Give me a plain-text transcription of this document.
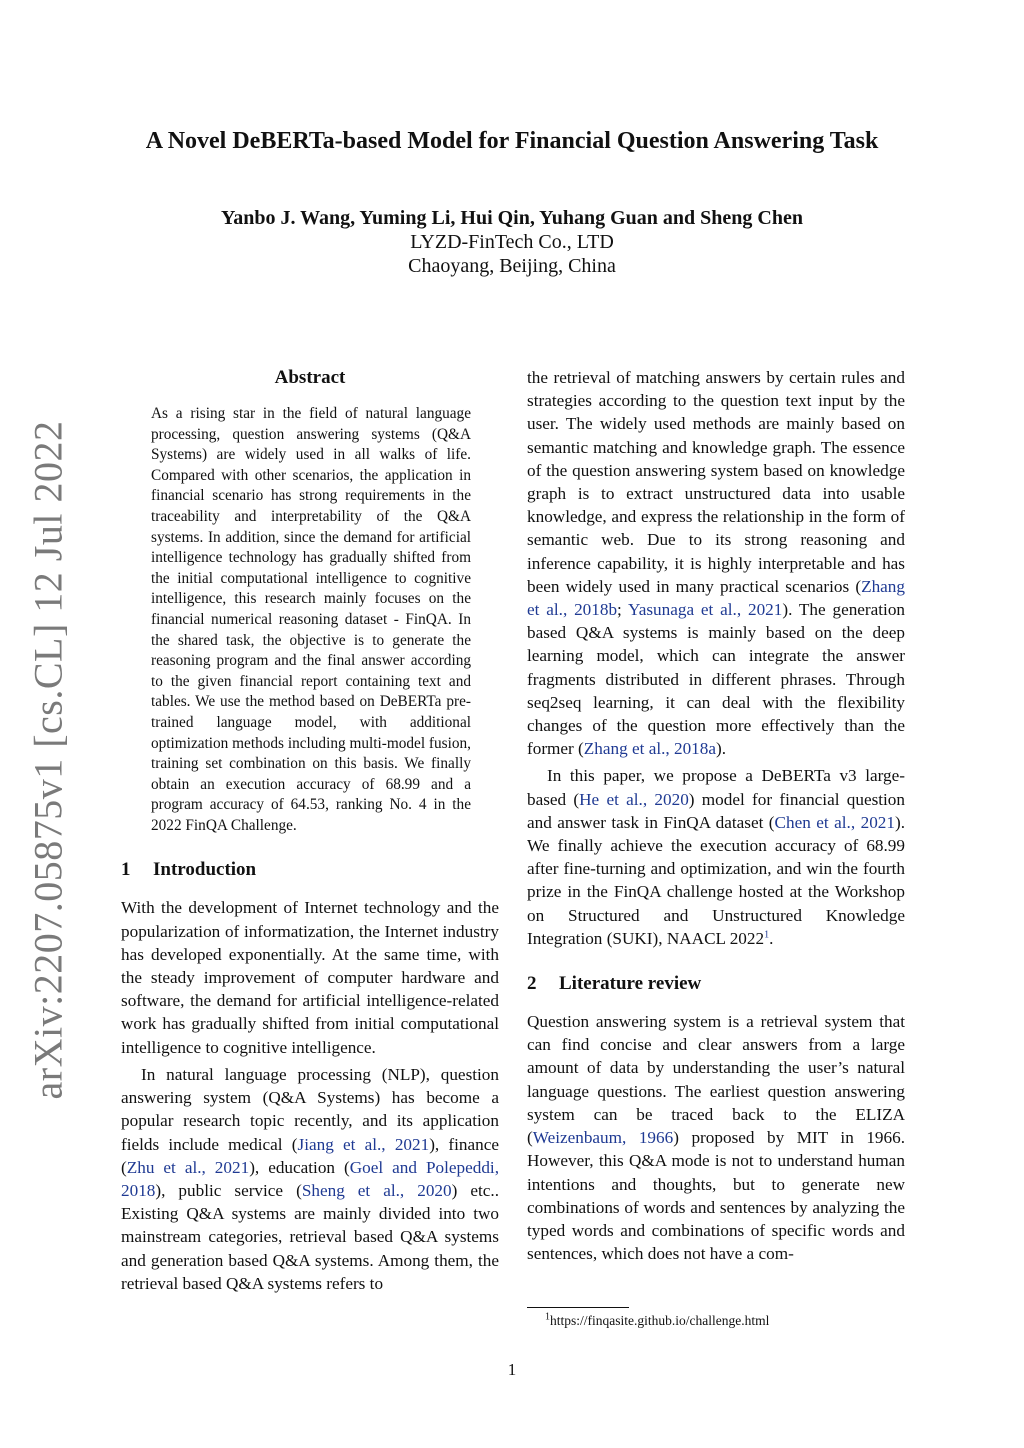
arXiv:2207.05875v1 [cs.CL] 12 Jul 2022
A Novel DeBERTa-based Model for Financial Question Answering Task
Yanbo J. Wang, Yuming Li, Hui Qin, Yuhang Guan and Sheng Chen
LYZD-FinTech Co., LTD
Chaoyang, Beijing, China
Abstract
As a rising star in the field of natural language processing, question answering systems (Q&A Systems) are widely used in all walks of life. Compared with other scenarios, the application in financial scenario has strong requirements in the traceability and interpretability of the Q&A systems. In addition, since the demand for artificial intelligence technology has gradually shifted from the initial computational intelligence to cognitive intelligence, this research mainly focuses on the financial numerical reasoning dataset - FinQA. In the shared task, the objective is to generate the reasoning program and the final answer according to the given financial report containing text and tables. We use the method based on DeBERTa pre-trained language model, with additional optimization methods including multi-model fusion, training set combination on this basis. We finally obtain an execution accuracy of 68.99 and a program accuracy of 64.53, ranking No. 4 in the 2022 FinQA Challenge.
1 Introduction

With the development of Internet technology and the popularization of informatization, the Internet industry has developed exponentially. At the same time, with the steady improvement of computer hardware and software, the demand for artificial intelligence-related work has gradually shifted from initial computational intelligence to cognitive intelligence.

In natural language processing (NLP), question answering system (Q&A Systems) has become a popular research topic recently, and its application fields include medical (Jiang et al., 2021), finance (Zhu et al., 2021), education (Goel and Polepeddi, 2018), public service (Sheng et al., 2020) etc.. Existing Q&A systems are mainly divided into two mainstream categories, retrieval based Q&A systems and generation based Q&A systems. Among them, the retrieval based Q&A systems refers to

the retrieval of matching answers by certain rules and strategies according to the question text input by the user. The widely used methods are mainly based on semantic matching and knowledge graph. The essence of the question answering system based on knowledge graph is to extract unstructured data into usable knowledge, and express the relationship in the form of semantic web. Due to its strong reasoning and inference capability, it is highly interpretable and has been widely used in many practical scenarios (Zhang et al., 2018b; Yasunaga et al., 2021). The generation based Q&A systems is mainly based on the deep learning model, which can integrate the answer fragments distributed in different phrases. Through seq2seq learning, it can deal with the flexibility changes of the question more effectively than the former (Zhang et al., 2018a).

In this paper, we propose a DeBERTa v3 large-based (He et al., 2020) model for financial question and answer task in FinQA dataset (Chen et al., 2021). We finally achieve the execution accuracy of 68.99 after fine-turning and optimization, and win the fourth prize in the FinQA challenge hosted at the Workshop on Structured and Unstructured Knowledge Integration (SUKI), NAACL 2022$^1$.

2 Literature review

Question answering system is a retrieval system that can find concise and clear answers from a large amount of data by understanding the user’s natural language questions. The earliest question answering system can be traced back to the ELIZA (Weizenbaum, 1966) proposed by MIT in 1966. However, this Q&A mode is not to understand human intentions and thoughts, but to generate new combinations of words and sentences by analyzing the typed words and combinations of specific words and sentences, which does not have a com-

$^1$https://finqasite.github.io/challenge.html
1
